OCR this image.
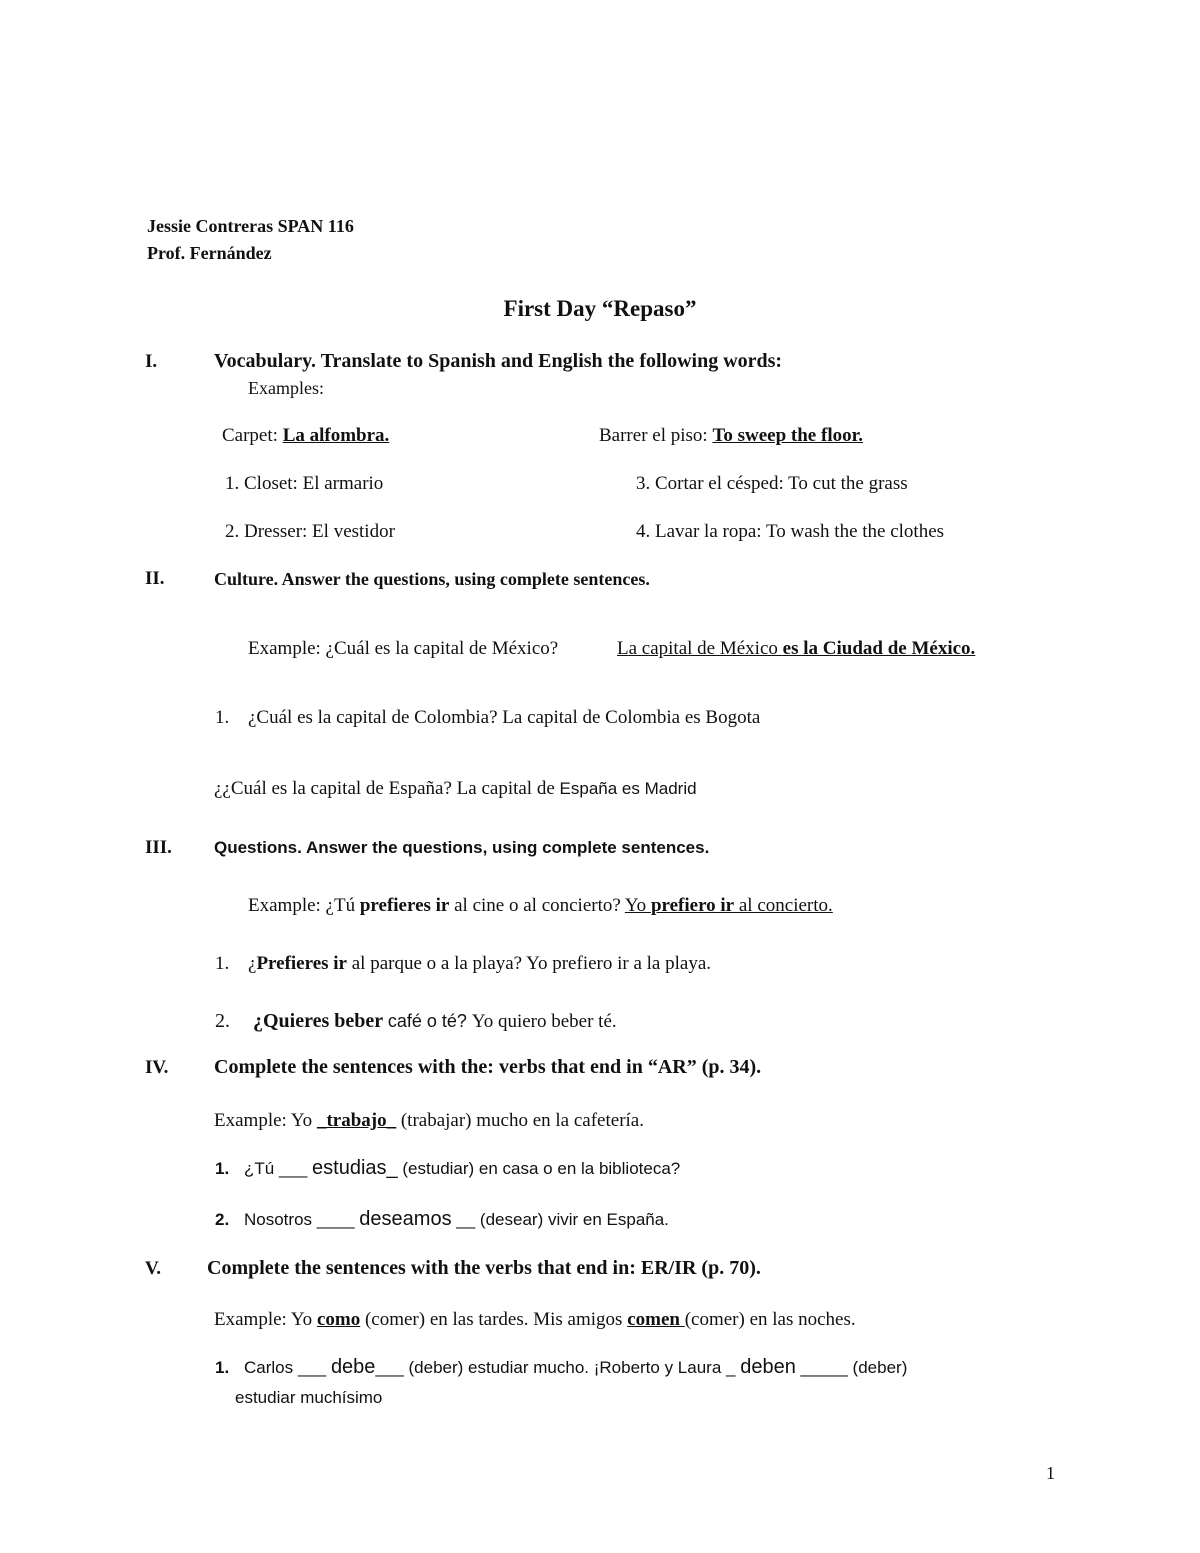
Jessie Contreras SPAN 116
Prof. Fernández
First Day “Repaso”
I.	Vocabulary. Translate to Spanish and English the following words:
Examples:
Carpet: La alfombra.	Barrer el piso: To sweep the floor.
1. Closet: El armario	3. Cortar el césped: To cut the grass
2. Dresser: El vestidor	4. Lavar la ropa: To wash the the clothes
II.	Culture. Answer the questions, using complete sentences.
Example: ¿Cuál es la capital de México?	La capital de México es la Ciudad de México.
1. ¿Cuál es la capital de Colombia? La capital de Colombia es Bogota
¿¿Cuál es la capital de España? La capital de España es Madrid
III. Questions. Answer the questions, using complete sentences.
Example: ¿Tú prefieres ir al cine o al concierto? Yo prefiero ir al concierto.
1. ¿Prefieres ir al parque o a la playa? Yo prefiero ir a la playa.
2. ¿Quieres beber café o té? Yo quiero beber té.
IV. Complete the sentences with the: verbs that end in “AR” (p. 34).
Example: Yo _trabajo_ (trabajar) mucho en la cafetería.
1. ¿Tú ___ estudias_ (estudiar) en casa o en la biblioteca?
2. Nosotros ____ deseamos __ (desear) vivir en España.
V. Complete the sentences with the verbs that end in: ER/IR (p. 70).
Example: Yo como (comer) en las tardes. Mis amigos comen (comer) en las noches.
1. Carlos ___ debe___ (deber) estudiar mucho. ¡Roberto y Laura _ deben _____ (deber)
estudiar muchísimo
1
